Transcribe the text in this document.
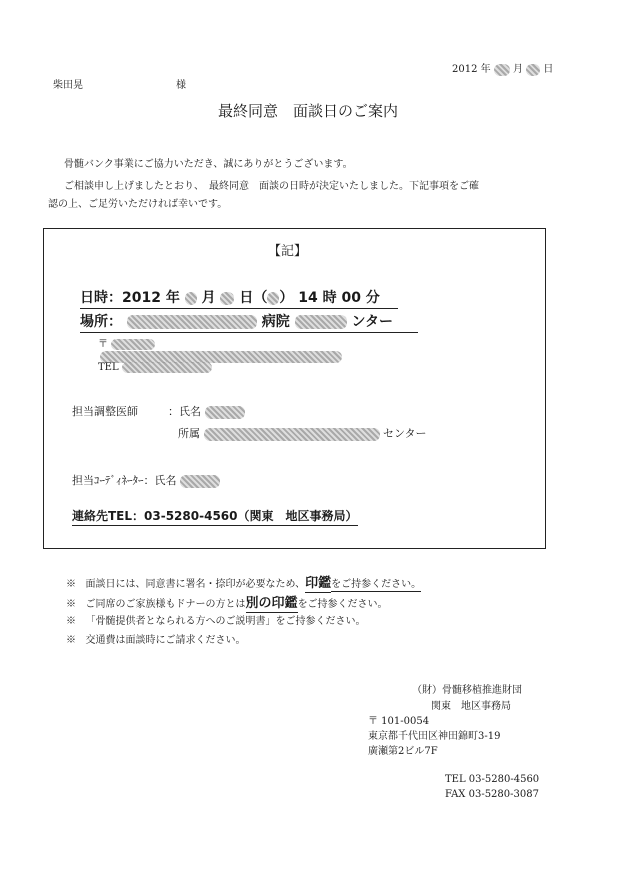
2012 年 月 日
柴田晃	様
最終同意　面談日のご案内
骨髄バンク事業にご協力いただき、誠にありがとうございます。
ご相談申し上げましたとおり、　最終同意　面談の日時が決定いたしました。下記事項をご確
認の上、ご足労いただければ幸いです。
【記】
日時：2012 年 月 日（ ） 14 時 00 分
場所：	病院	ンター
〒
TEL
担当調整医師	：氏名
所属	センター
担当ｺｰﾃﾞｨﾈｰﾀｰ：氏名
連絡先TEL：03-5280-4560（関東　地区事務局）
※ 面談日には、同意書に署名・捺印が必要なため、印鑑をご持参ください。
※ ご同席のご家族様もドナーの方とは別の印鑑をご持参ください。
※ 「骨髄提供者となられる方へのご説明書」をご持参ください。
※ 交通費は面談時にご請求ください。
（財）骨髄移植推進財団
関東　地区事務局
〒 101-0054
東京都千代田区神田錦町3-19
廣瀬第2ビル7F
TEL 03-5280-4560
FAX 03-5280-3087
